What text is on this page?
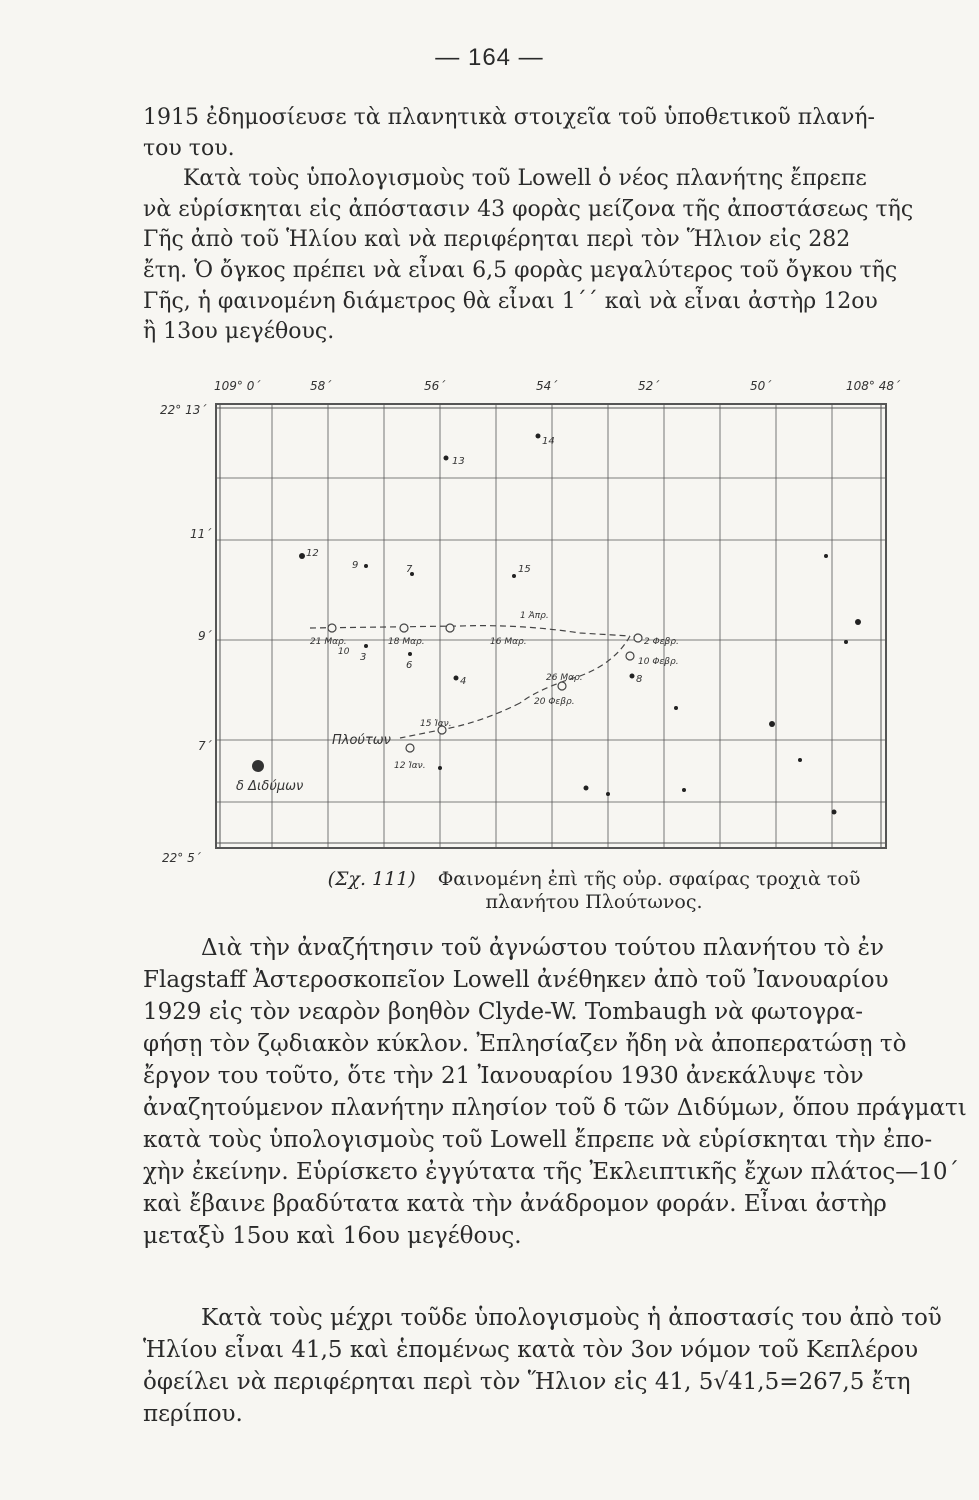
— 164 —
1915 ἐδημοσίευσε τὰ πλανητικὰ στοιχεῖα τοῦ ὑποθετικοῦ πλανή-
του του.
Κατὰ τοὺς ὑπολογισμοὺς τοῦ Lowell ὁ νέος πλανήτης ἔπρεπε
νὰ εὑρίσκηται εἰς ἀπόστασιν 43 φορὰς μείζονα τῆς ἀποστάσεως τῆς
Γῆς ἀπὸ τοῦ Ἡλίου καὶ νὰ περιφέρηται περὶ τὸν Ἥλιον εἰς 282
ἔτη. Ὁ ὄγκος πρέπει νὰ εἶναι 6,5 φορὰς μεγαλύτερος τοῦ ὄγκου τῆς
Γῆς, ἡ φαινομένη διάμετρος θὰ εἶναι 1΄΄ καὶ νὰ εἶναι ἀστὴρ 12ου
ἢ 13ου μεγέθους.
109° 0΄	58΄	56΄	54΄	52΄	50΄	108° 48΄
22° 13΄
11΄
9΄
7΄
22° 5΄
14
13
12
9	7	15
3
6
4	8
16 Μαρ.
1 Ἀπρ.
21 Μαρ.	18 Μαρ.
10
2 Φεβρ.
10 Φεβρ.
26 Μαρ.
20 Φεβρ.
15 Ἰαν.
12 Ἰαν.
Πλούτων
δ Διδύμων
(Σχ. 111) Φαινομένη ἐπὶ τῆς οὐρ. σφαίρας τροχιὰ τοῦ
πλανήτου Πλούτωνος.
Διὰ τὴν ἀναζήτησιν τοῦ ἀγνώστου τούτου πλανήτου τὸ ἐν
Flagstaff Ἀστεροσκοπεῖον Lowell ἀνέθηκεν ἀπὸ τοῦ Ἰανουαρίου
1929 εἰς τὸν νεαρὸν βοηθὸν Clyde-W. Tombaugh νὰ φωτογρα-
φήσῃ τὸν ζῳδιακὸν κύκλον. Ἐπλησίαζεν ἤδη νὰ ἀποπερατώσῃ τὸ
ἔργον του τοῦτο, ὅτε τὴν 21 Ἰανουαρίου 1930 ἀνεκάλυψε τὸν
ἀναζητούμενον πλανήτην πλησίον τοῦ δ τῶν Διδύμων, ὅπου πράγματι
κατὰ τοὺς ὑπολογισμοὺς τοῦ Lowell ἔπρεπε νὰ εὑρίσκηται τὴν ἐπο-
χὴν ἐκείνην. Εὑρίσκετο ἐγγύτατα τῆς Ἐκλειπτικῆς ἔχων πλάτος—10΄
καὶ ἔβαινε βραδύτατα κατὰ τὴν ἀνάδρομον φοράν. Εἶναι ἀστὴρ
μεταξὺ 15ου καὶ 16ου μεγέθους.
Κατὰ τοὺς μέχρι τοῦδε ὑπολογισμοὺς ἡ ἀποστασίς του ἀπὸ τοῦ
Ἡλίου εἶναι 41,5 καὶ ἑπομένως κατὰ τὸν 3ον νόμον τοῦ Κεπλέρου
ὀφείλει νὰ περιφέρηται περὶ τὸν Ἥλιον εἰς 41, 5√41,5=267,5 ἔτη
περίπου.
